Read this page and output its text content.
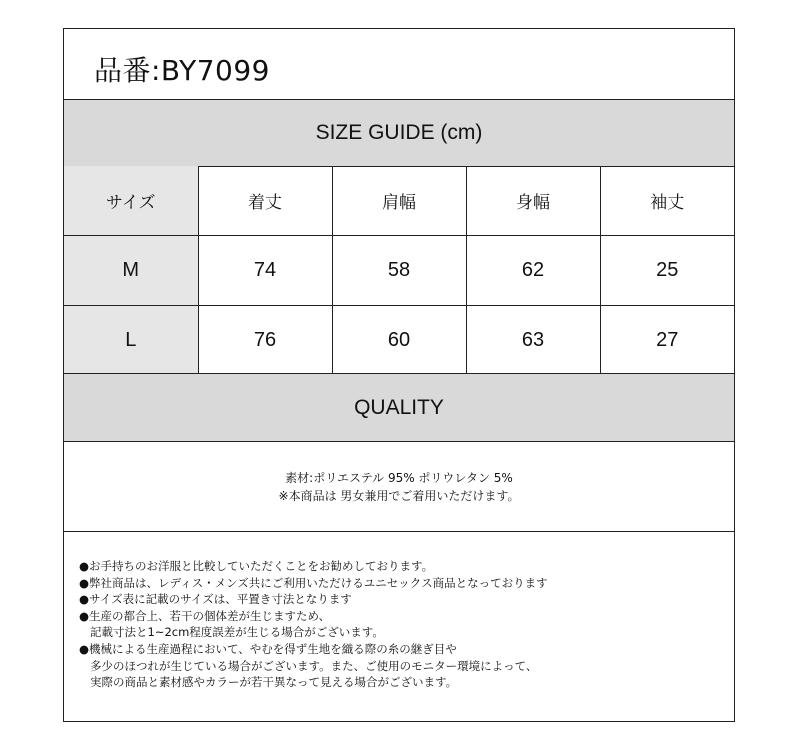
品番:BY7099
SIZE GUIDE (cm)
サイズ	着丈	肩幅	身幅	袖丈
M	74	58	62	25
L	76	60	63	27
QUALITY
素材:ポリエステル 95% ポリウレタン 5%
※本商品は 男女兼用でご着用いただけます。
●お手持ちのお洋服と比較していただくことをお勧めしております。
●弊社商品は、レディス・メンズ共にご利用いただけるユニセックス商品となっております
●サイズ表に記載のサイズは、平置き寸法となります
●生産の都合上、若干の個体差が生じますため、
記載寸法と1~2cm程度誤差が生じる場合がございます。
●機械による生産過程において、やむを得ず生地を織る際の糸の継ぎ目や
多少のほつれが生じている場合がございます。また、ご使用のモニター環境によって、
実際の商品と素材感やカラーが若干異なって見える場合がございます。
